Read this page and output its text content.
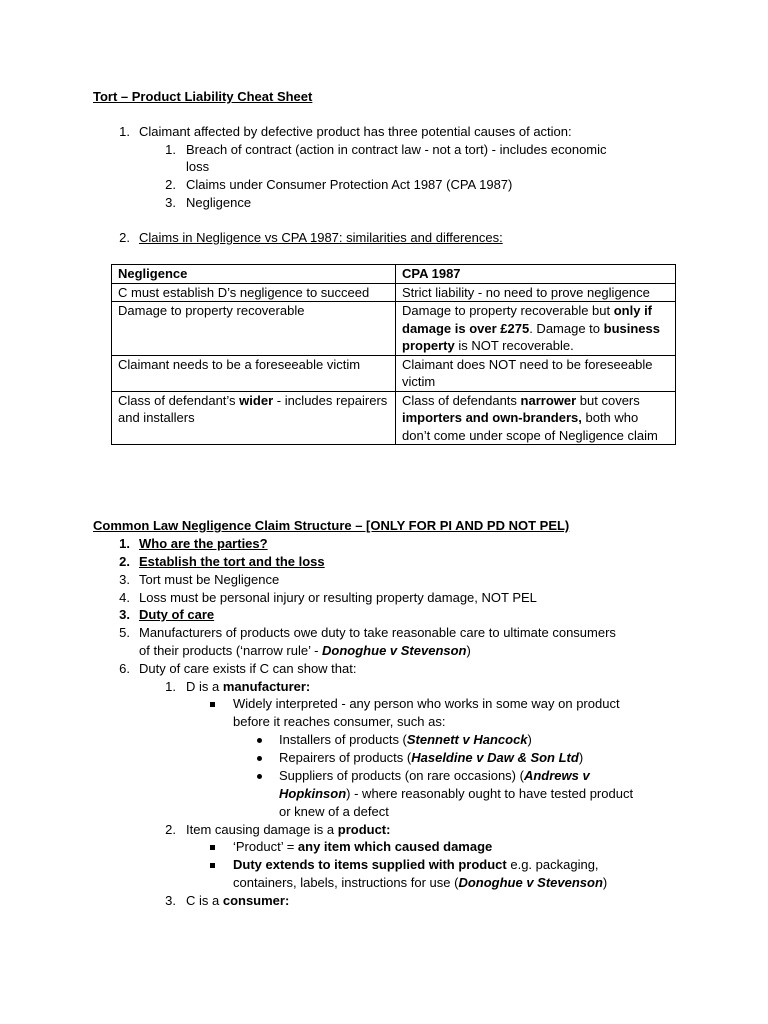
Tort – Product Liability Cheat Sheet
1. Claimant affected by defective product has three potential causes of action:
1. Breach of contract (action in contract law - not a tort) - includes economic
loss
2. Claims under Consumer Protection Act 1987 (CPA 1987)
3. Negligence
2. Claims in Negligence vs CPA 1987: similarities and differences:
Negligence	CPA 1987
C must establish D’s negligence to succeed	Strict liability - no need to prove negligence
Damage to property recoverable	Damage to property recoverable but only if damage is over £275. Damage to business property is NOT recoverable.
Claimant needs to be a foreseeable victim	Claimant does NOT need to be foreseeable victim
Class of defendant’s wider - includes repairers and installers	Class of defendants narrower but covers importers and own-branders, both who don’t come under scope of Negligence claim
Common Law Negligence Claim Structure – [ONLY FOR PI AND PD NOT PEL)
1. Who are the parties?
2. Establish the tort and the loss
3. Tort must be Negligence
4. Loss must be personal injury or resulting property damage, NOT PEL
3. Duty of care
5. Manufacturers of products owe duty to take reasonable care to ultimate consumers
of their products (‘narrow rule’ - Donoghue v Stevenson)
6. Duty of care exists if C can show that:
1. D is a manufacturer:
Widely interpreted - any person who works in some way on product
before it reaches consumer, such as:
Installers of products (Stennett v Hancock)
Repairers of products (Haseldine v Daw & Son Ltd)
Suppliers of products (on rare occasions) (Andrews v
Hopkinson) - where reasonably ought to have tested product
or knew of a defect
2. Item causing damage is a product:
‘Product’ = any item which caused damage
Duty extends to items supplied with product e.g. packaging,
containers, labels, instructions for use (Donoghue v Stevenson)
3. C is a consumer:
